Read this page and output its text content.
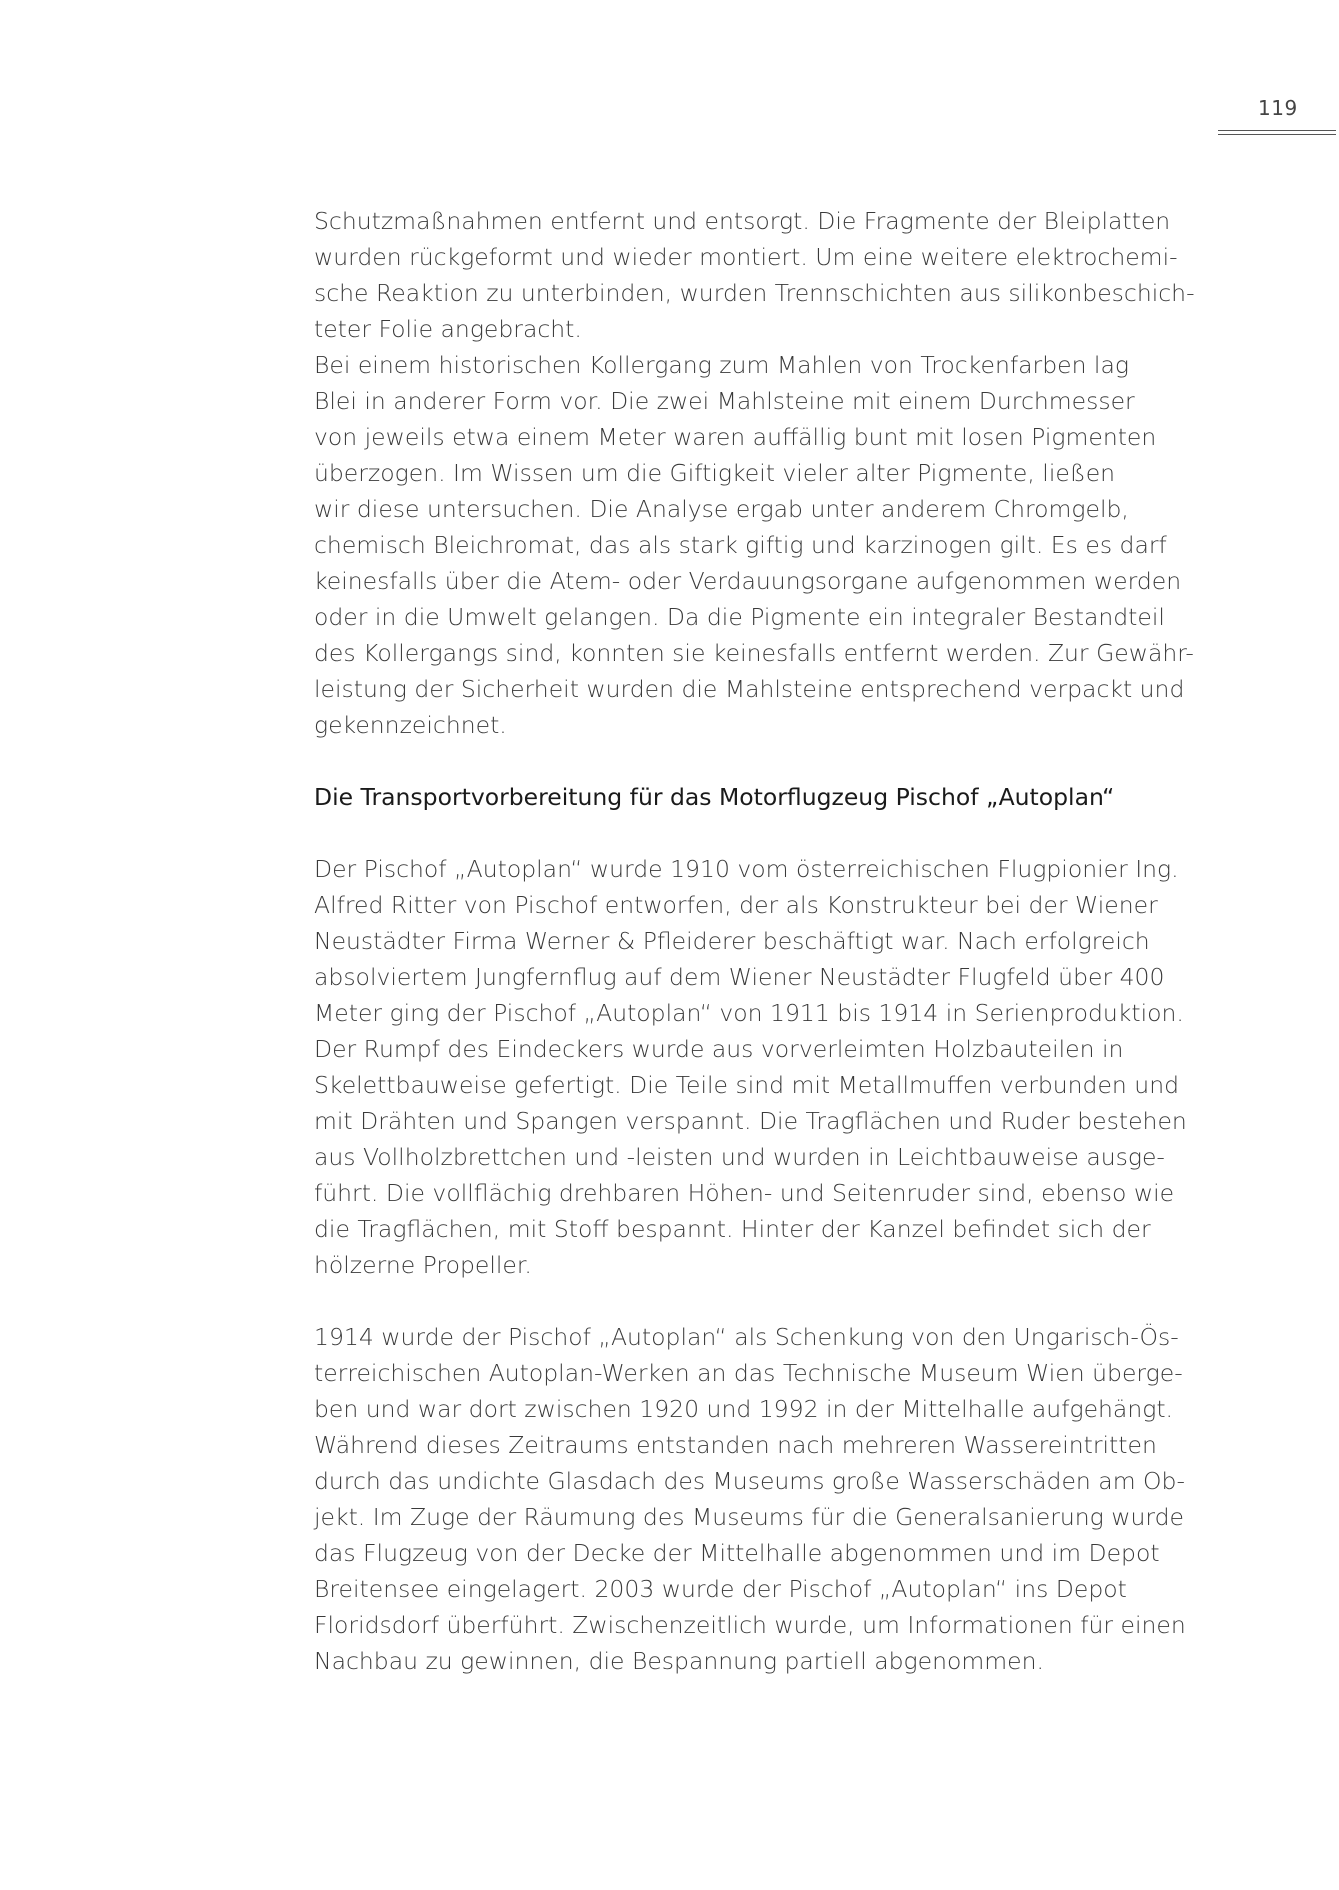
119
Schutzmaßnahmen entfernt und entsorgt. Die Fragmente der Bleiplatten
wurden rückgeformt und wieder montiert. Um eine weitere elektrochemi-
sche Reaktion zu unterbinden, wurden Trennschichten aus silikonbeschich-
teter Folie angebracht.
Bei einem historischen Kollergang zum Mahlen von Trockenfarben lag
Blei in anderer Form vor. Die zwei Mahlsteine mit einem Durchmesser
von jeweils etwa einem Meter waren auffällig bunt mit losen Pigmenten
überzogen. Im Wissen um die Giftigkeit vieler alter Pigmente, ließen
wir diese untersuchen. Die Analyse ergab unter anderem Chromgelb,
chemisch Bleichromat, das als stark giftig und karzinogen gilt. Es es darf
keinesfalls über die Atem- oder Verdauungsorgane aufgenommen werden
oder in die Umwelt gelangen. Da die Pigmente ein integraler Bestandteil
des Kollergangs sind, konnten sie keinesfalls entfernt werden. Zur Gewähr-
leistung der Sicherheit wurden die Mahlsteine entsprechend verpackt und
gekennzeichnet.
Die Transportvorbereitung für das Motorflugzeug Pischof „Autoplan“
Der Pischof „Autoplan“ wurde 1910 vom österreichischen Flugpionier Ing.
Alfred Ritter von Pischof entworfen, der als Konstrukteur bei der Wiener
Neustädter Firma Werner & Pfleiderer beschäftigt war. Nach erfolgreich
absolviertem Jungfernflug auf dem Wiener Neustädter Flugfeld über 400
Meter ging der Pischof „Autoplan“ von 1911 bis 1914 in Serienproduktion.
Der Rumpf des Eindeckers wurde aus vorverleimten Holzbauteilen in
Skelettbauweise gefertigt. Die Teile sind mit Metallmuffen verbunden und
mit Drähten und Spangen verspannt. Die Tragflächen und Ruder bestehen
aus Vollholzbrettchen und -leisten und wurden in Leichtbauweise ausge-
führt. Die vollflächig drehbaren Höhen- und Seitenruder sind, ebenso wie
die Tragflächen, mit Stoff bespannt. Hinter der Kanzel befindet sich der
hölzerne Propeller.
1914 wurde der Pischof „Autoplan“ als Schenkung von den Ungarisch-Ös-
terreichischen Autoplan-Werken an das Technische Museum Wien überge-
ben und war dort zwischen 1920 und 1992 in der Mittelhalle aufgehängt.
Während dieses Zeitraums entstanden nach mehreren Wassereintritten
durch das undichte Glasdach des Museums große Wasserschäden am Ob-
jekt. Im Zuge der Räumung des Museums für die Generalsanierung wurde
das Flugzeug von der Decke der Mittelhalle abgenommen und im Depot
Breitensee eingelagert. 2003 wurde der Pischof „Autoplan“ ins Depot
Floridsdorf überführt. Zwischenzeitlich wurde, um Informationen für einen
Nachbau zu gewinnen, die Bespannung partiell abgenommen.
